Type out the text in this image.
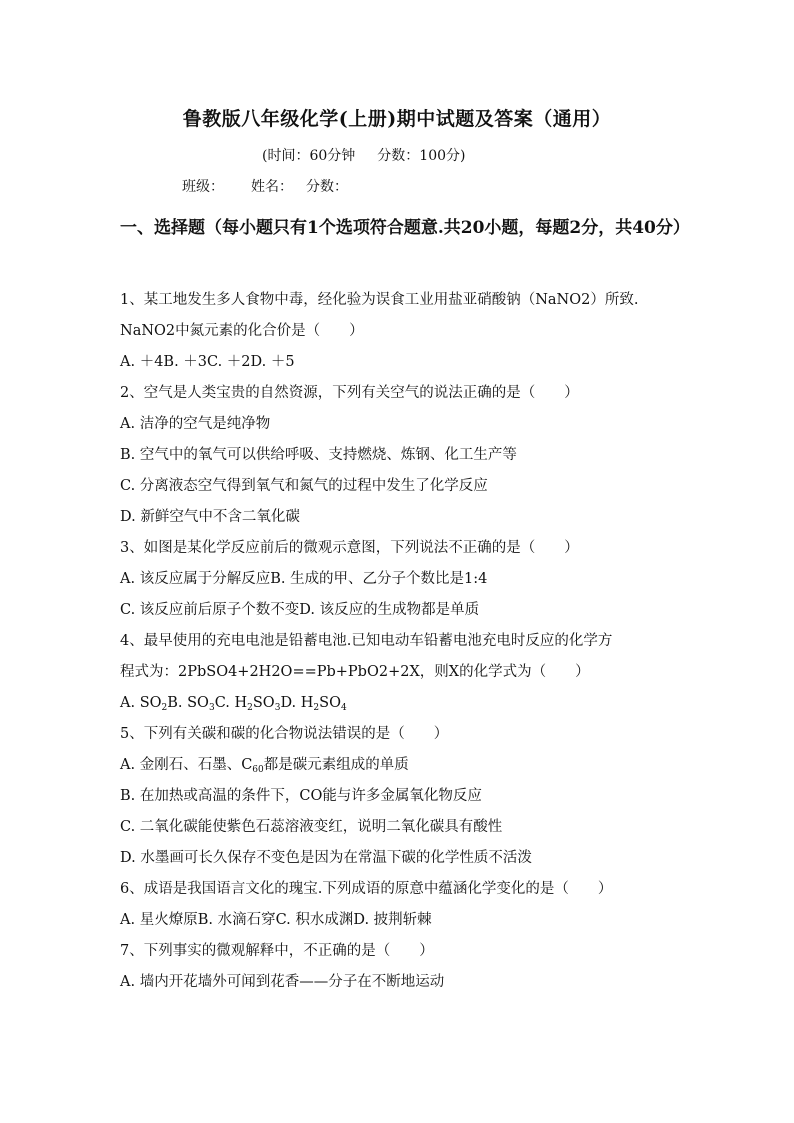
鲁教版八年级化学(上册)期中试题及答案（通用）
(时间：60分钟 分数：100分)
班级： 姓名： 分数：
一、选择题（每小题只有1个选项符合题意.共20小题，每题2分，共40分）
1、某工地发生多人食物中毒，经化验为误食工业用盐亚硝酸钠（NaNO2）所致.
NaNO2中氮元素的化合价是（　　）
A. ＋4B. ＋3C. ＋2D. ＋5
2、空气是人类宝贵的自然资源，下列有关空气的说法正确的是（　　）
A. 洁净的空气是纯净物
B. 空气中的氧气可以供给呼吸、支持燃烧、炼钢、化工生产等
C. 分离液态空气得到氧气和氮气的过程中发生了化学反应
D. 新鲜空气中不含二氧化碳
3、如图是某化学反应前后的微观示意图，下列说法不正确的是（　　）
A. 该反应属于分解反应B. 生成的甲、乙分子个数比是1:4
C. 该反应前后原子个数不变D. 该反应的生成物都是单质
4、最早使用的充电电池是铅蓄电池.已知电动车铅蓄电池充电时反应的化学方
程式为：2PbSO4+2H2O==Pb+PbO2+2X，则X的化学式为（　　）
A. $SO_2B$. $SO_3C$. $H_2SO_3D$. $H_2SO_4$
5、下列有关碳和碳的化合物说法错误的是（　　）
A. 金刚石、石墨、$C_{60}$都是碳元素组成的单质
B. 在加热或高温的条件下，CO能与许多金属氧化物反应
C. 二氧化碳能使紫色石蕊溶液变红，说明二氧化碳具有酸性
D. 水墨画可长久保存不变色是因为在常温下碳的化学性质不活泼
6、成语是我国语言文化的瑰宝.下列成语的原意中蕴涵化学变化的是（　　）
A. 星火燎原B. 水滴石穿C. 积水成渊D. 披荆斩棘
7、下列事实的微观解释中，不正确的是（　　）
A. 墙内开花墙外可闻到花香——分子在不断地运动
